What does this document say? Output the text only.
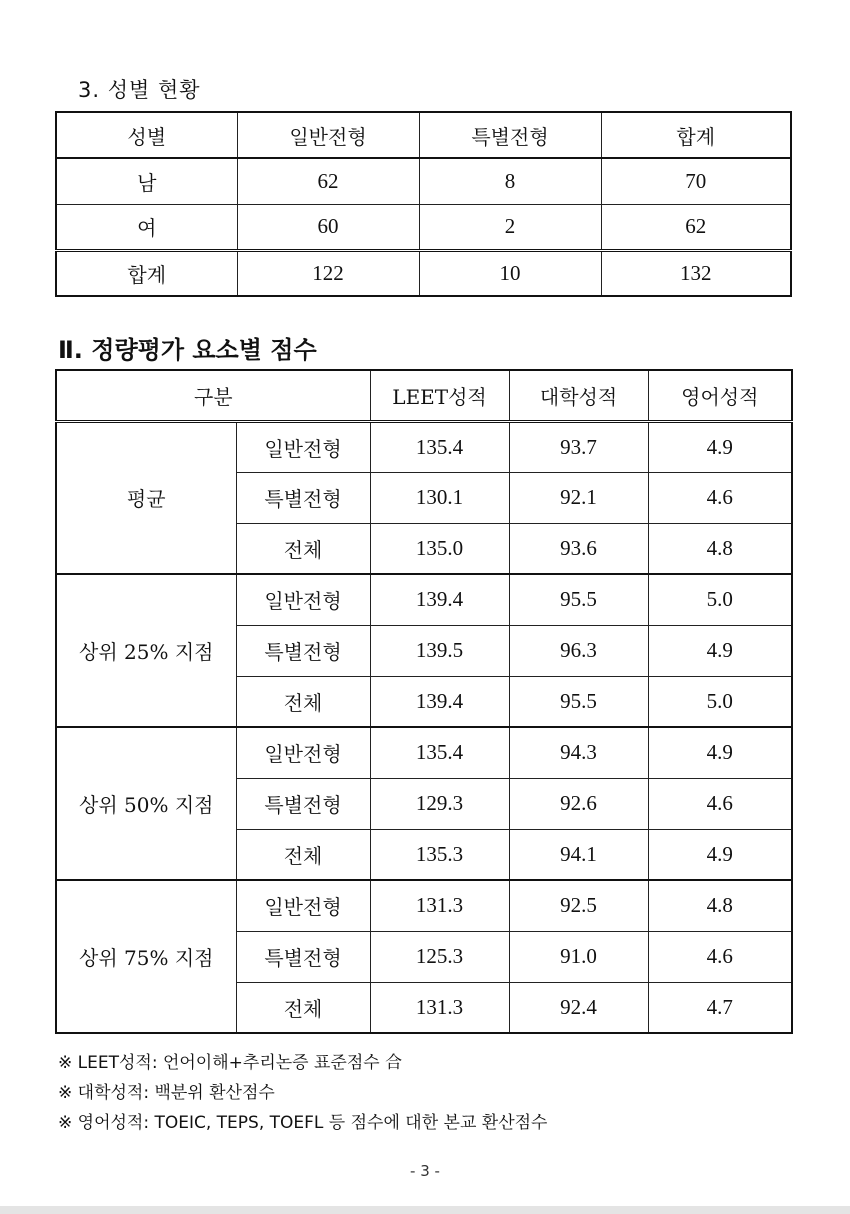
3. 성별 현황
성별	일반전형	특별전형	합계
남	62	8	70
여	60	2	62
합계	122	10	132
Ⅱ. 정량평가 요소별 점수
구분		LEET성적	대학성적	영어성적
평균	일반전형	135.4	93.7	4.9
	특별전형	130.1	92.1	4.6
	전체	135.0	93.6	4.8
상위 25% 지점	일반전형	139.4	95.5	5.0
	특별전형	139.5	96.3	4.9
	전체	139.4	95.5	5.0
상위 50% 지점	일반전형	135.4	94.3	4.9
	특별전형	129.3	92.6	4.6
	전체	135.3	94.1	4.9
상위 75% 지점	일반전형	131.3	92.5	4.8
	특별전형	125.3	91.0	4.6
	전체	131.3	92.4	4.7
※ LEET성적: 언어이해+추리논증 표준점수 合
※ 대학성적: 백분위 환산점수
※ 영어성적: TOEIC, TEPS, TOEFL 등 점수에 대한 본교 환산점수
- 3 -
